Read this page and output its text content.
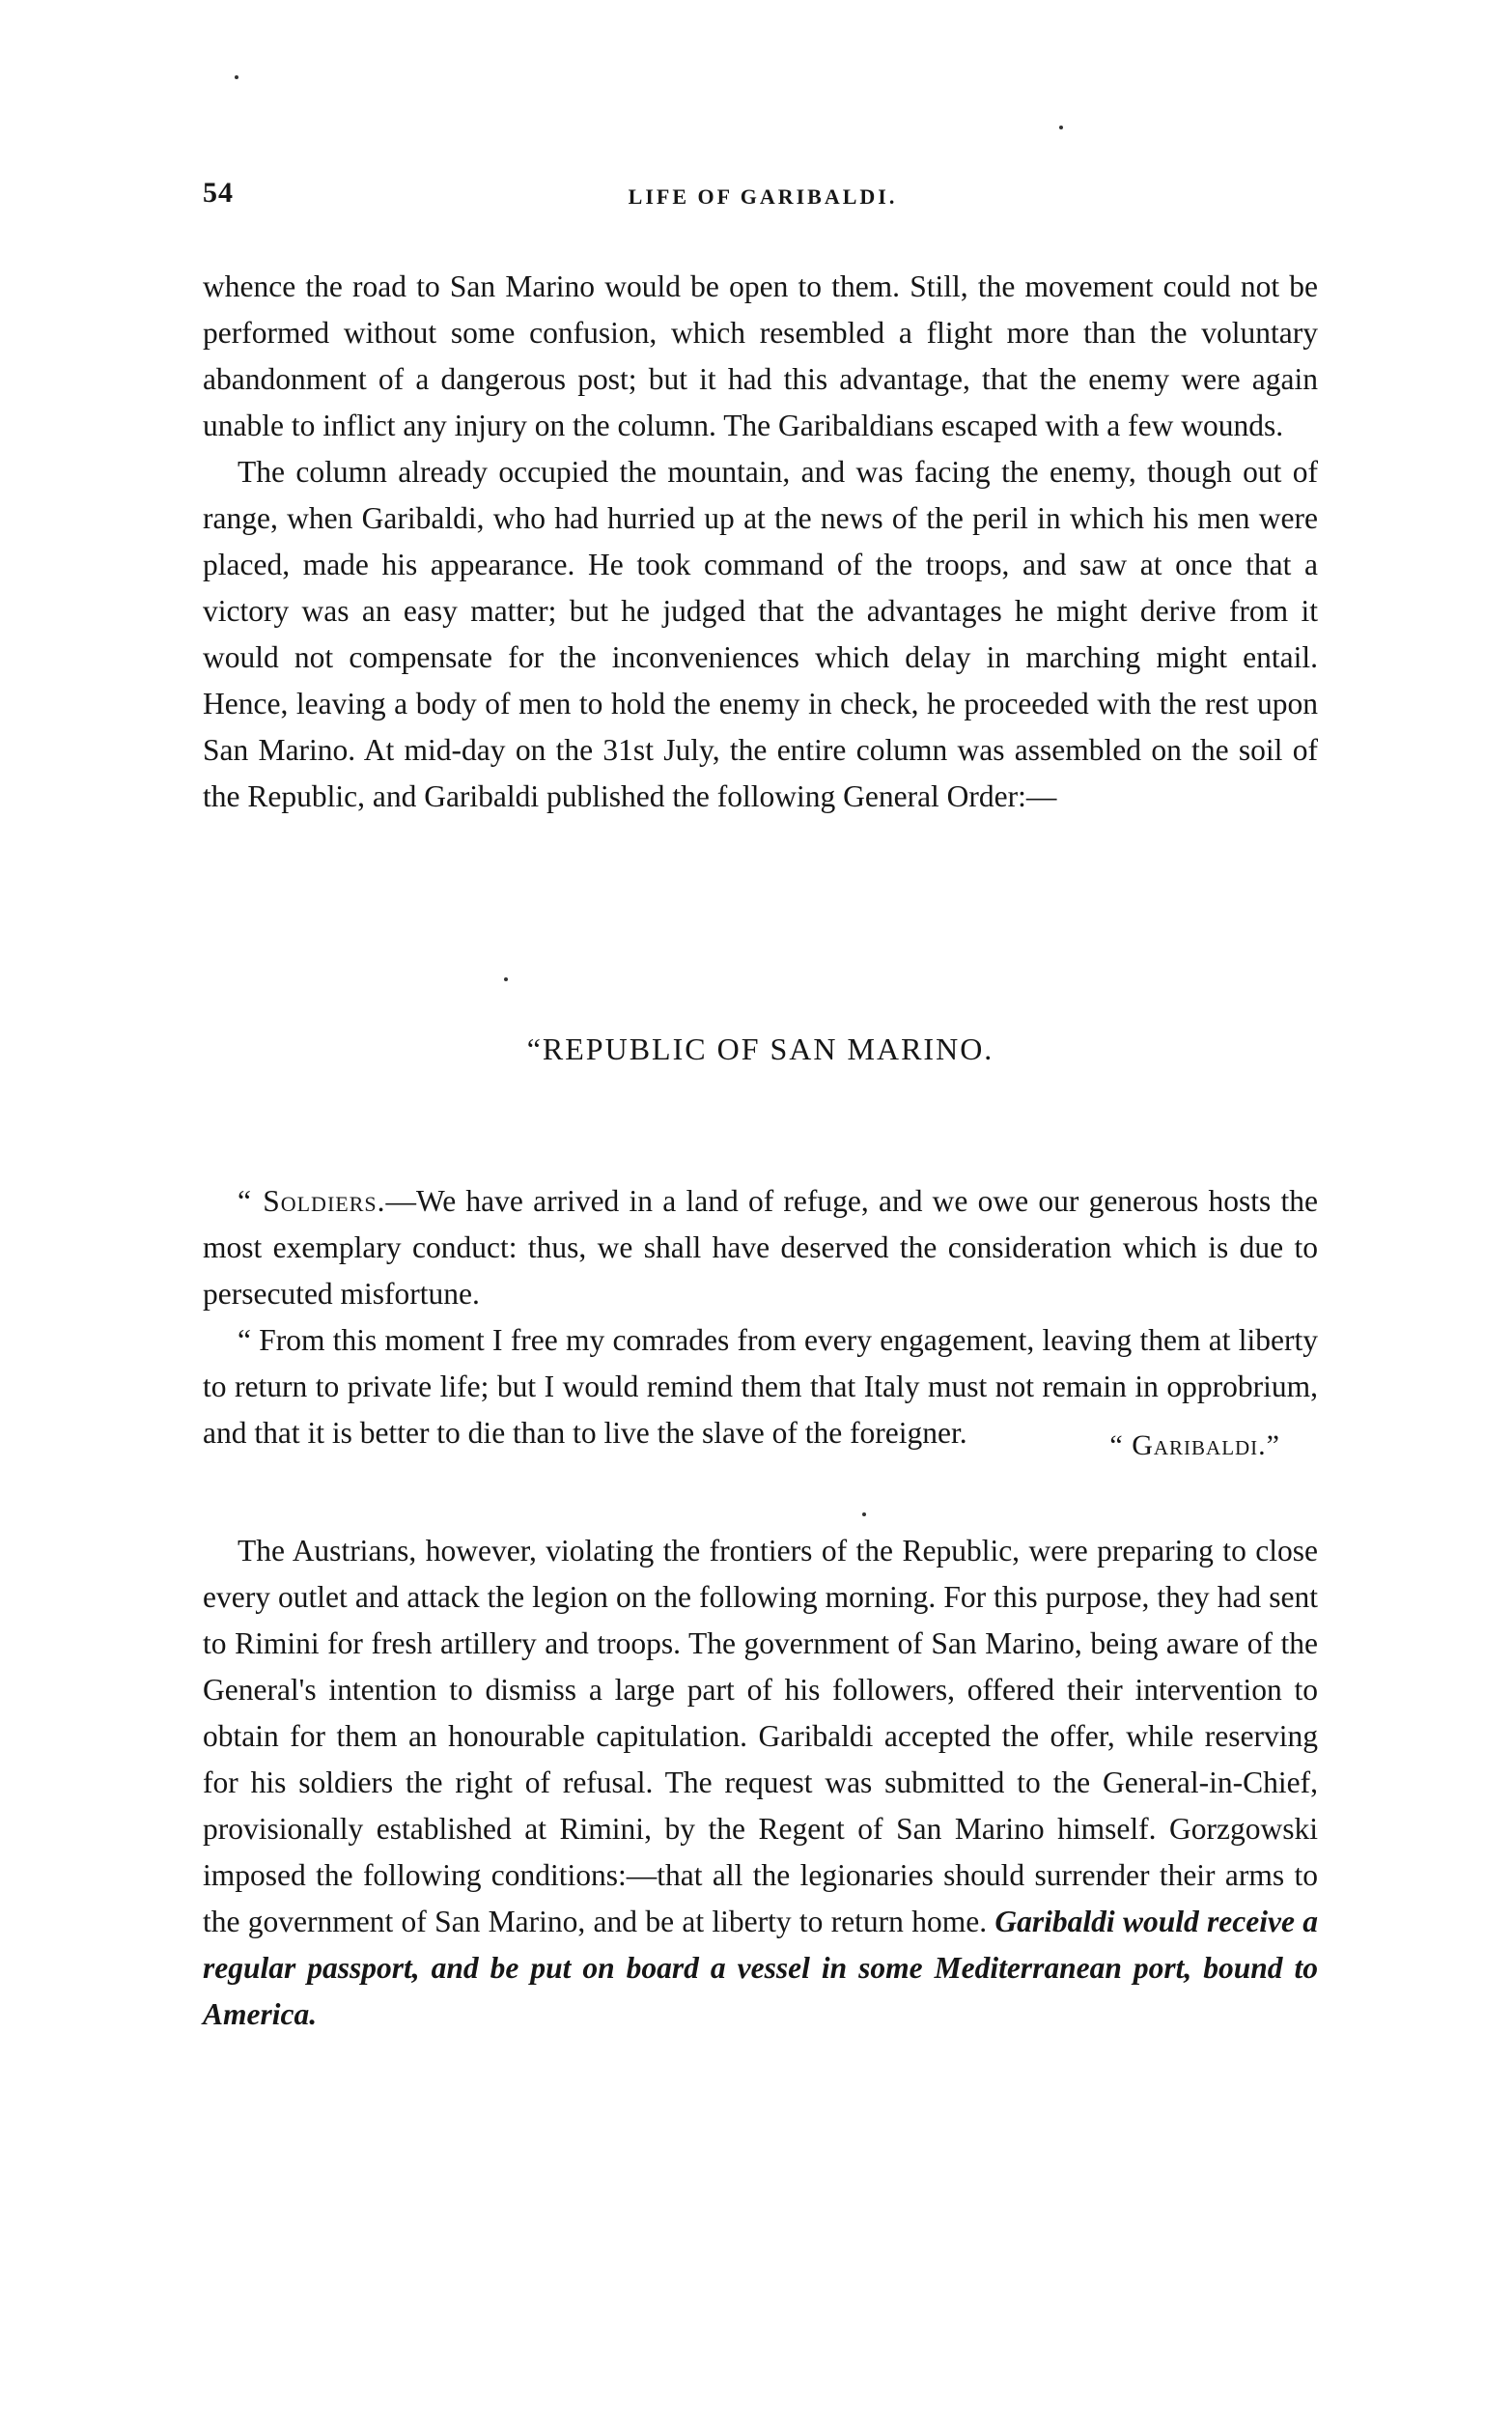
54	LIFE OF GARIBALDI.

whence the road to San Marino would be open to them. Still, the movement could not be performed without some confusion, which resembled a flight more than the voluntary abandonment of a dangerous post; but it had this advantage, that the enemy were again unable to inflict any injury on the column. The Garibaldians escaped with a few wounds.

The column already occupied the mountain, and was facing the enemy, though out of range, when Garibaldi, who had hurried up at the news of the peril in which his men were placed, made his appearance. He took command of the troops, and saw at once that a victory was an easy matter; but he judged that the advantages he might derive from it would not compensate for the inconveniences which delay in marching might entail. Hence, leaving a body of men to hold the enemy in check, he proceeded with the rest upon San Marino. At mid-day on the 31st July, the entire column was assembled on the soil of the Republic, and Garibaldi published the following General Order:—

“REPUBLIC OF SAN MARINO.

“ Soldiers.—We have arrived in a land of refuge, and we owe our generous hosts the most exemplary conduct: thus, we shall have deserved the consideration which is due to persecuted misfortune.

“ From this moment I free my comrades from every engagement, leaving them at liberty to return to private life; but I would remind them that Italy must not remain in opprobrium, and that it is better to die than to live the slave of the foreigner.	“ Garibaldi.”

The Austrians, however, violating the frontiers of the Republic, were preparing to close every outlet and attack the legion on the following morning. For this purpose, they had sent to Rimini for fresh artillery and troops. The government of San Marino, being aware of the General's intention to dismiss a large part of his followers, offered their intervention to obtain for them an honourable capitulation. Garibaldi accepted the offer, while reserving for his soldiers the right of refusal. The request was submitted to the General-in-Chief, provisionally established at Rimini, by the Regent of San Marino himself. Gorzgowski imposed the following conditions:—that all the legionaries should surrender their arms to the government of San Marino, and be at liberty to return home. Garibaldi would receive a regular passport, and be put on board a vessel in some Mediterranean port, bound to America.
